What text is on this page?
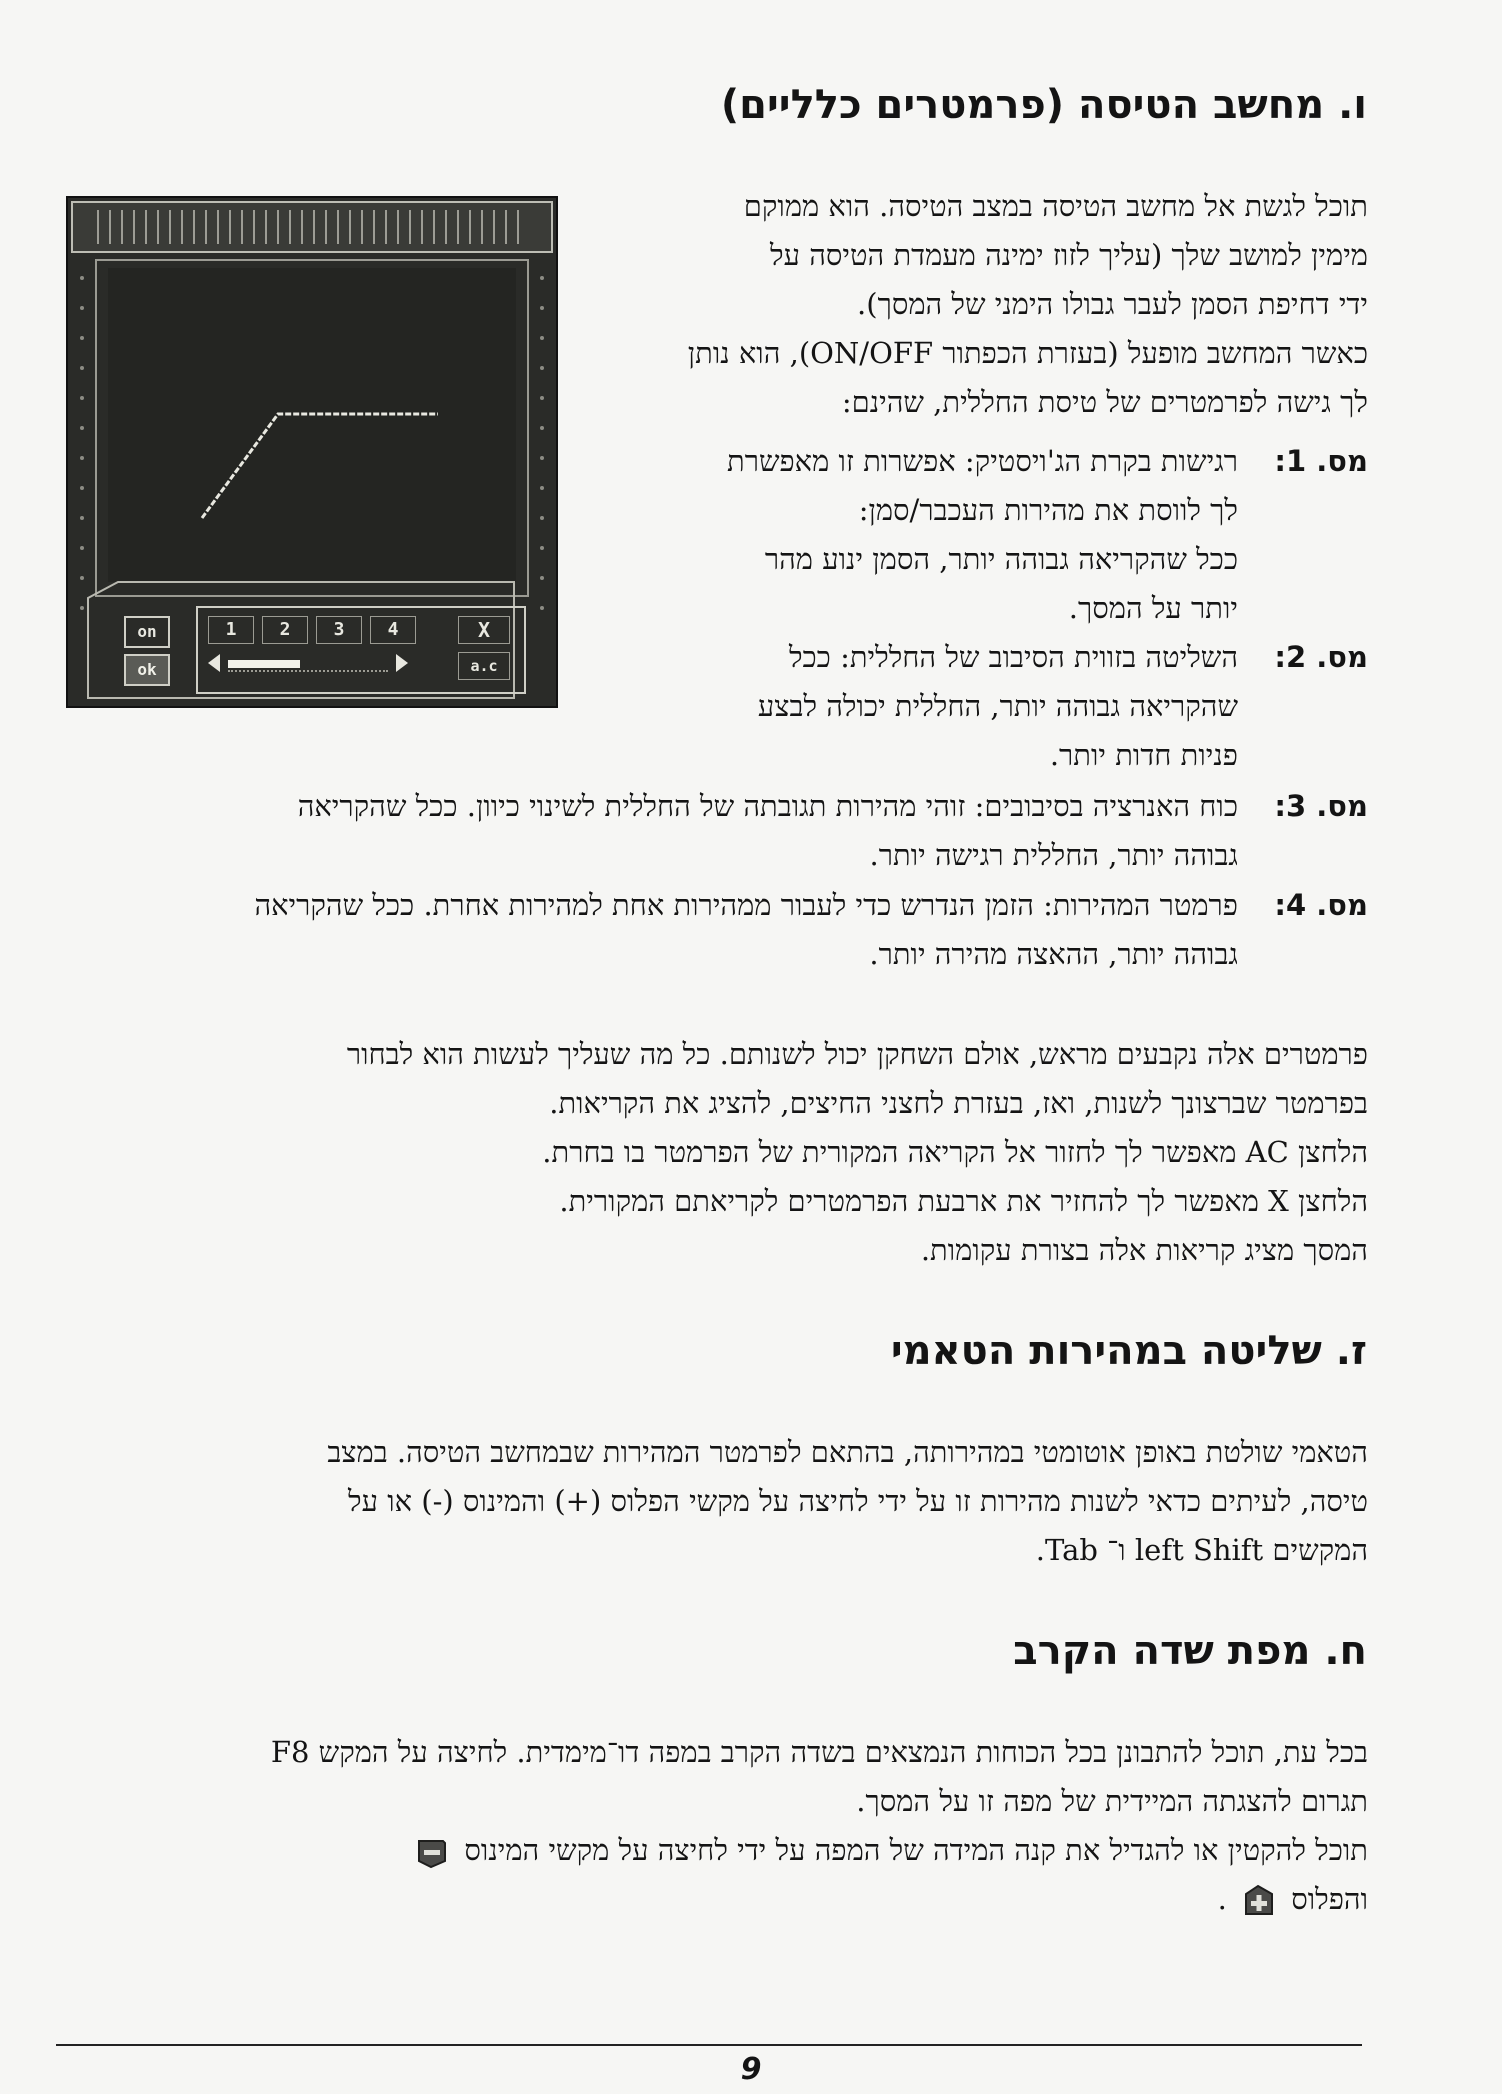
ו. מחשב הטיסה (פרמטרים כלליים)
on
ok
1	2	3	4	X
a.c
תוכל לגשת אל מחשב הטיסה במצב הטיסה. הוא ממוקם
מימין למושב שלך (עליך לזוז ימינה מעמדת הטיסה על
ידי דחיפת הסמן לעבר גבולו הימני של המסך).
כאשר המחשב מופעל (בעזרת הכפתור ON/OFF), הוא נותן
לך גישה לפרמטרים של טיסת החללית, שהינם:
מס. 1:
רגישות בקרת הג'ויסטיק: אפשרות זו מאפשרת
לך לווסת את מהירות העכבר/סמן:
ככל שהקריאה גבוהה יותר, הסמן ינוע מהר
יותר על המסך.
מס. 2:
השליטה בזווית הסיבוב של החללית: ככל
שהקריאה גבוהה יותר, החללית יכולה לבצע
פניות חדות יותר.
מס. 3:
כוח האנרציה בסיבובים: זוהי מהירות תגובתה של החללית לשינוי כיוון. ככל שהקריאה
גבוהה יותר, החללית רגישה יותר.
מס. 4:
פרמטר המהירות: הזמן הנדרש כדי לעבור ממהירות אחת למהירות אחרת. ככל שהקריאה
גבוהה יותר, ההאצה מהירה יותר.
פרמטרים אלה נקבעים מראש, אולם השחקן יכול לשנותם. כל מה שעליך לעשות הוא לבחור
בפרמטר שברצונך לשנות, ואז, בעזרת לחצני החיצים, להציג את הקריאות.
הלחצן AC מאפשר לך לחזור אל הקריאה המקורית של הפרמטר בו בחרת.
הלחצן X מאפשר לך להחזיר את ארבעת הפרמטרים לקריאתם המקורית.
המסך מציג קריאות אלה בצורת עקומות.
ז. שליטה במהירות הטאמי
הטאמי שולטת באופן אוטומטי במהירותה, בהתאם לפרמטר המהירות שבמחשב הטיסה. במצב
טיסה, לעיתים כדאי לשנות מהירות זו על ידי לחיצה על מקשי הפלוס (+) והמינוס (-) או על
המקשים left Shift ו־ Tab.
ח. מפת שדה הקרב
בכל עת, תוכל להתבונן בכל הכוחות הנמצאים בשדה הקרב במפה דו־מימדית. לחיצה על המקש F8
תגרום להצגתה המיידית של מפה זו על המסך.
תוכל להקטין או להגדיל את קנה המידה של המפה על ידי לחיצה על מקשי המינוס
והפלוס  .
9
